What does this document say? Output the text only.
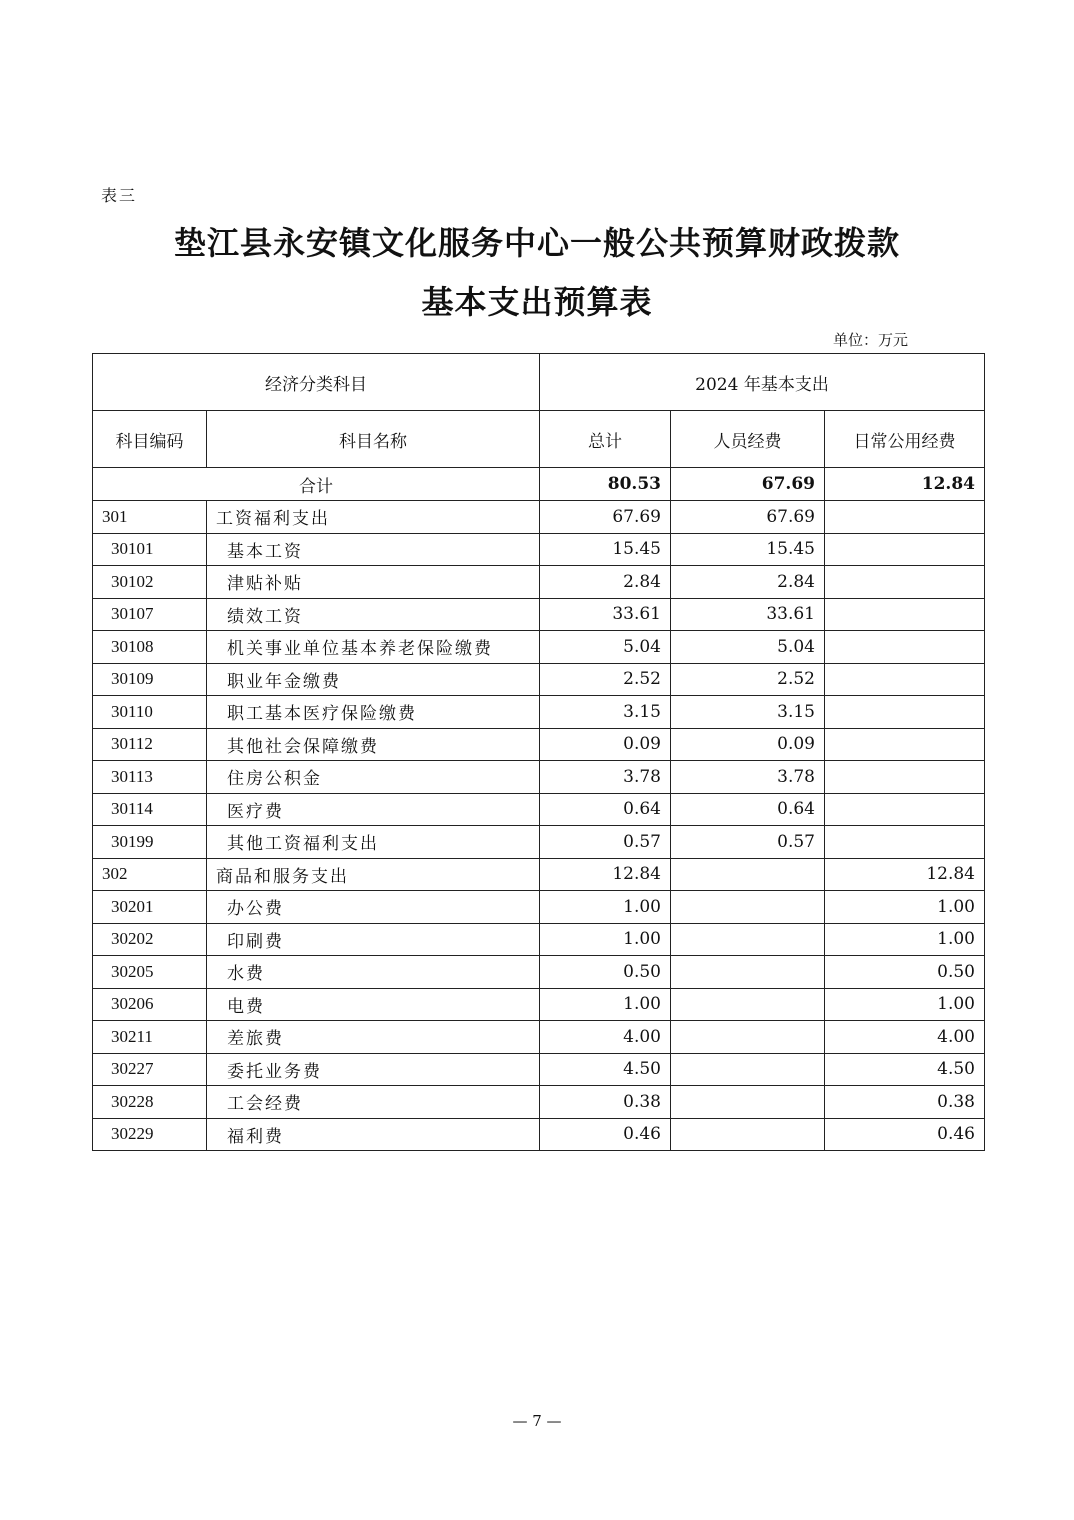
表三
垫江县永安镇文化服务中心一般公共预算财政拨款
基本支出预算表
单位：万元
经济分类科目		2024 年基本支出		
科目编码	科目名称	总计	人员经费	日常公用经费
合计		80.53	67.69	12.84
301	工资福利支出	67.69	67.69	
30101	基本工资	15.45	15.45	
30102	津贴补贴	2.84	2.84	
30107	绩效工资	33.61	33.61	
30108	机关事业单位基本养老保险缴费	5.04	5.04	
30109	职业年金缴费	2.52	2.52	
30110	职工基本医疗保险缴费	3.15	3.15	
30112	其他社会保障缴费	0.09	0.09	
30113	住房公积金	3.78	3.78	
30114	医疗费	0.64	0.64	
30199	其他工资福利支出	0.57	0.57	
302	商品和服务支出	12.84		12.84
30201	办公费	1.00		1.00
30202	印刷费	1.00		1.00
30205	水费	0.50		0.50
30206	电费	1.00		1.00
30211	差旅费	4.00		4.00
30227	委托业务费	4.50		4.50
30228	工会经费	0.38		0.38
30229	福利费	0.46		0.46
— 7 —
